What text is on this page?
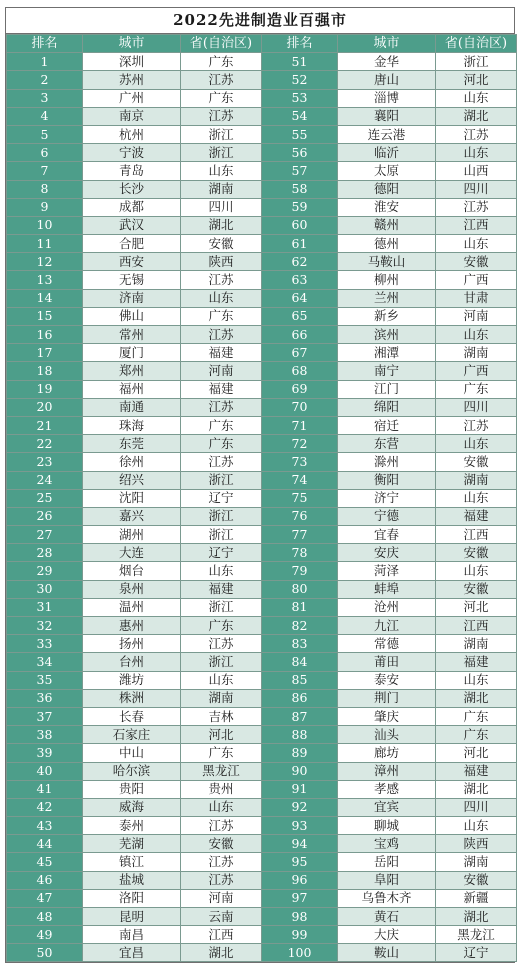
2022先进制造业百强市
排名	城市	省(自治区)	排名	城市	省(自治区)
1	深圳	广东	51	金华	浙江
2	苏州	江苏	52	唐山	河北
3	广州	广东	53	淄博	山东
4	南京	江苏	54	襄阳	湖北
5	杭州	浙江	55	连云港	江苏
6	宁波	浙江	56	临沂	山东
7	青岛	山东	57	太原	山西
8	长沙	湖南	58	德阳	四川
9	成都	四川	59	淮安	江苏
10	武汉	湖北	60	赣州	江西
11	合肥	安徽	61	德州	山东
12	西安	陕西	62	马鞍山	安徽
13	无锡	江苏	63	柳州	广西
14	济南	山东	64	兰州	甘肃
15	佛山	广东	65	新乡	河南
16	常州	江苏	66	滨州	山东
17	厦门	福建	67	湘潭	湖南
18	郑州	河南	68	南宁	广西
19	福州	福建	69	江门	广东
20	南通	江苏	70	绵阳	四川
21	珠海	广东	71	宿迁	江苏
22	东莞	广东	72	东营	山东
23	徐州	江苏	73	滁州	安徽
24	绍兴	浙江	74	衡阳	湖南
25	沈阳	辽宁	75	济宁	山东
26	嘉兴	浙江	76	宁德	福建
27	湖州	浙江	77	宜春	江西
28	大连	辽宁	78	安庆	安徽
29	烟台	山东	79	菏泽	山东
30	泉州	福建	80	蚌埠	安徽
31	温州	浙江	81	沧州	河北
32	惠州	广东	82	九江	江西
33	扬州	江苏	83	常德	湖南
34	台州	浙江	84	莆田	福建
35	潍坊	山东	85	泰安	山东
36	株洲	湖南	86	荆门	湖北
37	长春	吉林	87	肇庆	广东
38	石家庄	河北	88	汕头	广东
39	中山	广东	89	廊坊	河北
40	哈尔滨	黑龙江	90	漳州	福建
41	贵阳	贵州	91	孝感	湖北
42	威海	山东	92	宜宾	四川
43	泰州	江苏	93	聊城	山东
44	芜湖	安徽	94	宝鸡	陕西
45	镇江	江苏	95	岳阳	湖南
46	盐城	江苏	96	阜阳	安徽
47	洛阳	河南	97	乌鲁木齐	新疆
48	昆明	云南	98	黄石	湖北
49	南昌	江西	99	大庆	黑龙江
50	宜昌	湖北	100	鞍山	辽宁
